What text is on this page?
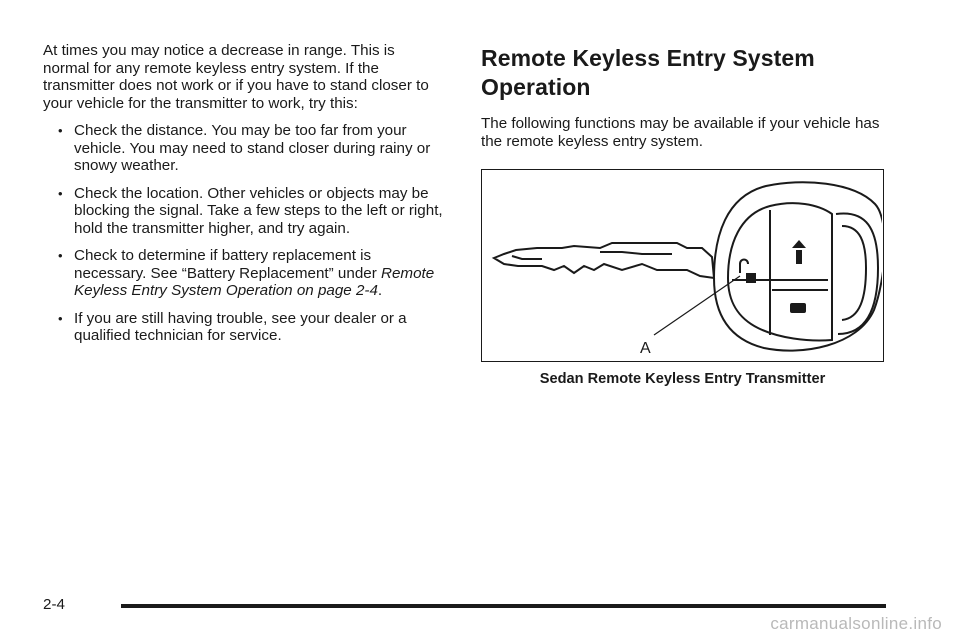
At times you may notice a decrease in range. This is normal for any remote keyless entry system. If the transmitter does not work or if you have to stand closer to your vehicle for the transmitter to work, try this:

• Check the distance. You may be too far from your vehicle. You may need to stand closer during rainy or snowy weather.
• Check the location. Other vehicles or objects may be blocking the signal. Take a few steps to the left or right, hold the transmitter higher, and try again.
• Check to determine if battery replacement is necessary. See “Battery Replacement” under Remote Keyless Entry System Operation on page 2-4.
• If you are still having trouble, see your dealer or a qualified technician for service.
Remote Keyless Entry System Operation

The following functions may be available if your vehicle has the remote keyless entry system.

A
Sedan Remote Keyless Entry Transmitter
2-4
carmanualsonline.info
